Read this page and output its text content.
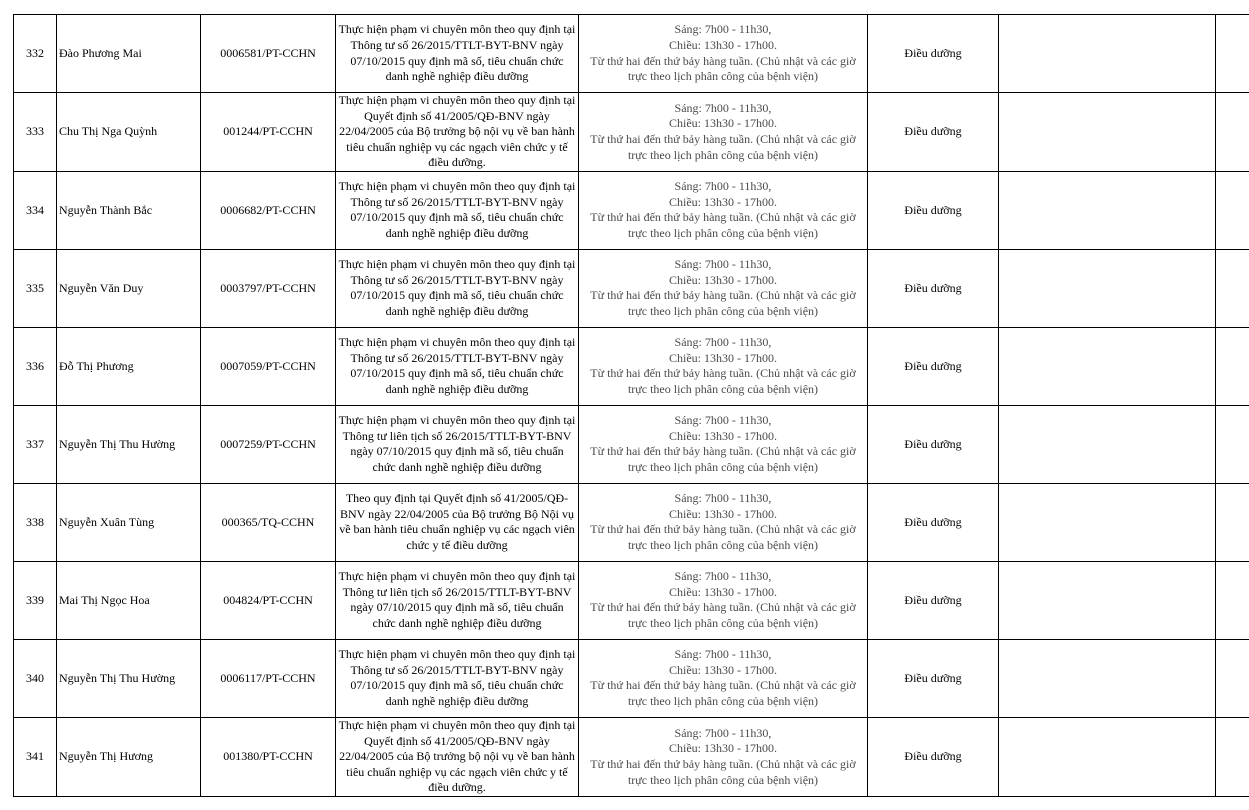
332	Đào Phương Mai	0006581/PT-CCHN	Thực hiện phạm vi chuyên môn theo quy định tại Thông tư số 26/2015/TTLT-BYT-BNV ngày 07/10/2015 quy định mã số, tiêu chuẩn chức danh nghề nghiệp điều dưỡng	Sáng: 7h00 - 11h30,
Chiều: 13h30 - 17h00.
Từ thứ hai đến thứ bảy hàng tuần. (Chủ nhật và các giờ trực theo lịch phân công của bệnh viện)	Điều dưỡng		
333	Chu Thị Nga Quỳnh	001244/PT-CCHN	Thực hiện phạm vi chuyên môn theo quy định tại Quyết định số 41/2005/QĐ-BNV ngày 22/04/2005 của Bộ trưởng bộ nội vụ về ban hành tiêu chuẩn nghiệp vụ các ngạch viên chức y tế điều dưỡng.	Sáng: 7h00 - 11h30,
Chiều: 13h30 - 17h00.
Từ thứ hai đến thứ bảy hàng tuần. (Chủ nhật và các giờ trực theo lịch phân công của bệnh viện)	Điều dưỡng		
334	Nguyễn Thành Bắc	0006682/PT-CCHN	Thực hiện phạm vi chuyên môn theo quy định tại Thông tư số 26/2015/TTLT-BYT-BNV ngày 07/10/2015 quy định mã số, tiêu chuẩn chức danh nghề nghiệp điều dưỡng	Sáng: 7h00 - 11h30,
Chiều: 13h30 - 17h00.
Từ thứ hai đến thứ bảy hàng tuần. (Chủ nhật và các giờ trực theo lịch phân công của bệnh viện)	Điều dưỡng		
335	Nguyễn Văn Duy	0003797/PT-CCHN	Thực hiện phạm vi chuyên môn theo quy định tại Thông tư số 26/2015/TTLT-BYT-BNV ngày 07/10/2015 quy định mã số, tiêu chuẩn chức danh nghề nghiệp điều dưỡng	Sáng: 7h00 - 11h30,
Chiều: 13h30 - 17h00.
Từ thứ hai đến thứ bảy hàng tuần. (Chủ nhật và các giờ trực theo lịch phân công của bệnh viện)	Điều dưỡng		
336	Đỗ Thị Phương	0007059/PT-CCHN	Thực hiện phạm vi chuyên môn theo quy định tại Thông tư số 26/2015/TTLT-BYT-BNV ngày 07/10/2015 quy định mã số, tiêu chuẩn chức danh nghề nghiệp điều dưỡng	Sáng: 7h00 - 11h30,
Chiều: 13h30 - 17h00.
Từ thứ hai đến thứ bảy hàng tuần. (Chủ nhật và các giờ trực theo lịch phân công của bệnh viện)	Điều dưỡng		
337	Nguyễn Thị Thu Hường	0007259/PT-CCHN	Thực hiện phạm vi chuyên môn theo quy định tại Thông tư liên tịch số 26/2015/TTLT-BYT-BNV ngày 07/10/2015 quy định mã số, tiêu chuẩn chức danh nghề nghiệp điều dưỡng	Sáng: 7h00 - 11h30,
Chiều: 13h30 - 17h00.
Từ thứ hai đến thứ bảy hàng tuần. (Chủ nhật và các giờ trực theo lịch phân công của bệnh viện)	Điều dưỡng		
338	Nguyễn Xuân Tùng	000365/TQ-CCHN	Theo quy định tại Quyết định số 41/2005/QĐ-BNV ngày 22/04/2005 của Bộ trưởng Bộ Nội vụ về ban hành tiêu chuẩn nghiệp vụ các ngạch viên chức y tế điều dưỡng	Sáng: 7h00 - 11h30,
Chiều: 13h30 - 17h00.
Từ thứ hai đến thứ bảy hàng tuần. (Chủ nhật và các giờ trực theo lịch phân công của bệnh viện)	Điều dưỡng		
339	Mai Thị Ngọc Hoa	004824/PT-CCHN	Thực hiện phạm vi chuyên môn theo quy định tại Thông tư liên tịch số 26/2015/TTLT-BYT-BNV ngày 07/10/2015 quy định mã số, tiêu chuẩn chức danh nghề nghiệp điều dưỡng	Sáng: 7h00 - 11h30,
Chiều: 13h30 - 17h00.
Từ thứ hai đến thứ bảy hàng tuần. (Chủ nhật và các giờ trực theo lịch phân công của bệnh viện)	Điều dưỡng		
340	Nguyễn Thị Thu Hường	0006117/PT-CCHN	Thực hiện phạm vi chuyên môn theo quy định tại Thông tư số 26/2015/TTLT-BYT-BNV ngày 07/10/2015 quy định mã số, tiêu chuẩn chức danh nghề nghiệp điều dưỡng	Sáng: 7h00 - 11h30,
Chiều: 13h30 - 17h00.
Từ thứ hai đến thứ bảy hàng tuần. (Chủ nhật và các giờ trực theo lịch phân công của bệnh viện)	Điều dưỡng		
341	Nguyễn Thị Hương	001380/PT-CCHN	Thực hiện phạm vi chuyên môn theo quy định tại Quyết định số 41/2005/QĐ-BNV ngày 22/04/2005 của Bộ trưởng bộ nội vụ về ban hành tiêu chuẩn nghiệp vụ các ngạch viên chức y tế điều dưỡng.	Sáng: 7h00 - 11h30,
Chiều: 13h30 - 17h00.
Từ thứ hai đến thứ bảy hàng tuần. (Chủ nhật và các giờ trực theo lịch phân công của bệnh viện)	Điều dưỡng		
